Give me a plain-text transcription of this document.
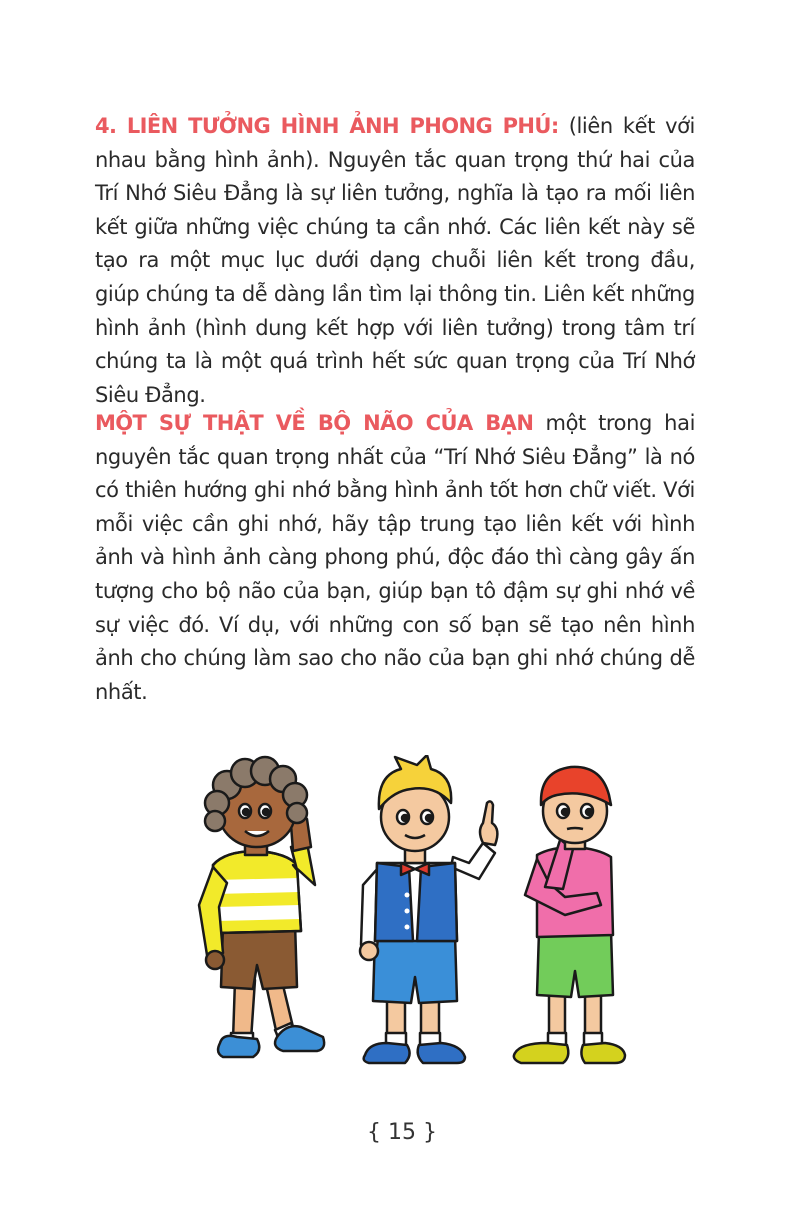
4. LIÊN TƯỞNG HÌNH ẢNH PHONG PHÚ: (liên kết với nhau bằng hình ảnh). Nguyên tắc quan trọng thứ hai của Trí Nhớ Siêu Đẳng là sự liên tưởng, nghĩa là tạo ra mối liên kết giữa những việc chúng ta cần nhớ. Các liên kết này sẽ tạo ra một mục lục dưới dạng chuỗi liên kết trong đầu, giúp chúng ta dễ dàng lần tìm lại thông tin. Liên kết những hình ảnh (hình dung kết hợp với liên tưởng) trong tâm trí chúng ta là một quá trình hết sức quan trọng của Trí Nhớ Siêu Đẳng.

MỘT SỰ THẬT VỀ BỘ NÃO CỦA BẠN một trong hai nguyên tắc quan trọng nhất của “Trí Nhớ Siêu Đẳng” là nó có thiên hướng ghi nhớ bằng hình ảnh tốt hơn chữ viết. Với mỗi việc cần ghi nhớ, hãy tập trung tạo liên kết với hình ảnh và hình ảnh càng phong phú, độc đáo thì càng gây ấn tượng cho bộ não của bạn, giúp bạn tô đậm sự ghi nhớ về sự việc đó. Ví dụ, với những con số bạn sẽ tạo nên hình ảnh cho chúng làm sao cho não của bạn ghi nhớ chúng dễ nhất.

{ 15 }
